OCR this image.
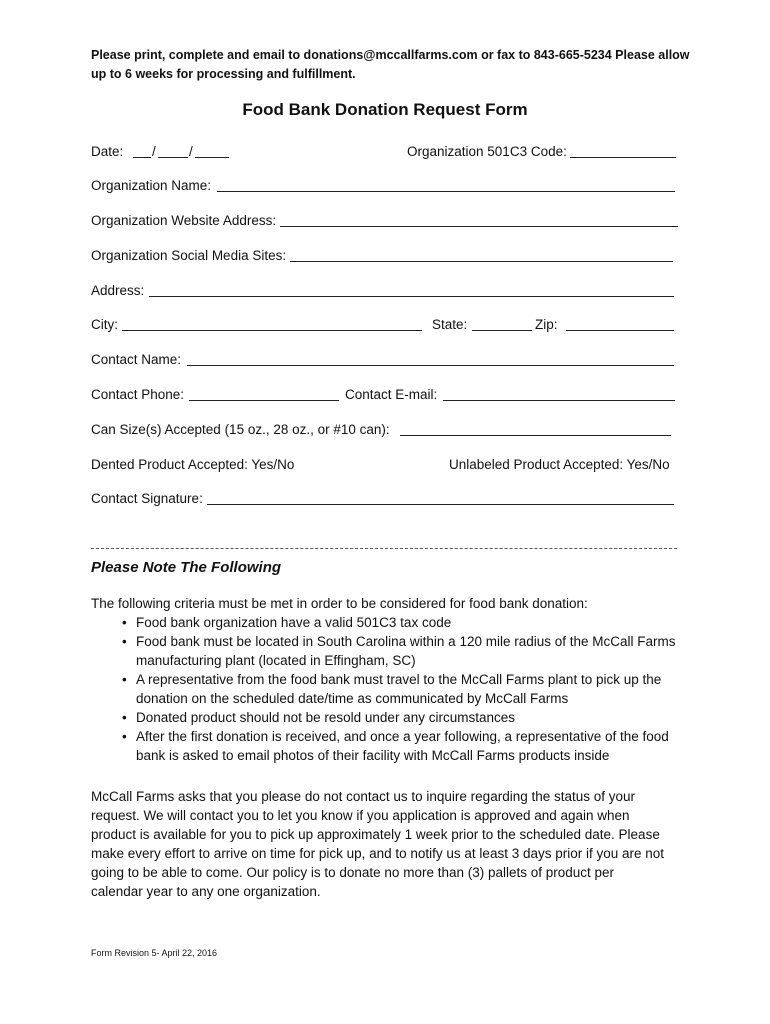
Please print, complete and email to donations@mccallfarms.com or fax to 843-665-5234 Please allow up to 6 weeks for processing and fulfillment.
Food Bank Donation Request Form
Date: / /	Organization 501C3 Code:
Organization Name:
Organization Website Address:
Organization Social Media Sites:
Address:
City:	State:	Zip:
Contact Name:
Contact Phone:	Contact E-mail:
Can Size(s) Accepted (15 oz., 28 oz., or #10 can):
Dented Product Accepted: Yes/No	Unlabeled Product Accepted: Yes/No
Contact Signature:
Please Note The Following
The following criteria must be met in order to be considered for food bank donation:
• Food bank organization have a valid 501C3 tax code
• Food bank must be located in South Carolina within a 120 mile radius of the McCall Farms manufacturing plant (located in Effingham, SC)
• A representative from the food bank must travel to the McCall Farms plant to pick up the donation on the scheduled date/time as communicated by McCall Farms
• Donated product should not be resold under any circumstances
• After the first donation is received, and once a year following, a representative of the food bank is asked to email photos of their facility with McCall Farms products inside
McCall Farms asks that you please do not contact us to inquire regarding the status of your request. We will contact you to let you know if you application is approved and again when product is available for you to pick up approximately 1 week prior to the scheduled date. Please make every effort to arrive on time for pick up, and to notify us at least 3 days prior if you are not going to be able to come. Our policy is to donate no more than (3) pallets of product per calendar year to any one organization.
Form Revision 5- April 22, 2016
